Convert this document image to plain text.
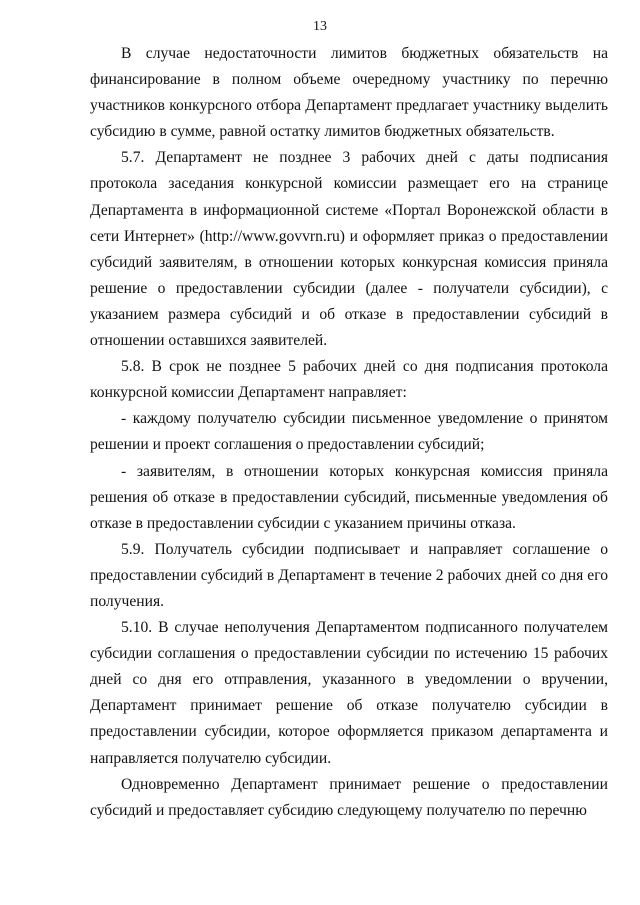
13

В случае недостаточности лимитов бюджетных обязательств на финансирование в полном объеме очередному участнику по перечню участников конкурсного отбора Департамент предлагает участнику выделить субсидию в сумме, равной остатку лимитов бюджетных обязательств.

5.7. Департамент не позднее 3 рабочих дней с даты подписания протокола заседания конкурсной комиссии размещает его на странице Департамента в информационной системе «Портал Воронежской области в сети Интернет» (http://www.govvrn.ru) и оформляет приказ о предоставлении субсидий заявителям, в отношении которых конкурсная комиссия приняла решение о предоставлении субсидии (далее - получатели субсидии), с указанием размера субсидий и об отказе в предоставлении субсидий в отношении оставшихся заявителей.

5.8. В срок не позднее 5 рабочих дней со дня подписания протокола конкурсной комиссии Департамент направляет:

- каждому получателю субсидии письменное уведомление о принятом решении и проект соглашения о предоставлении субсидий;

- заявителям, в отношении которых конкурсная комиссия приняла решения об отказе в предоставлении субсидий, письменные уведомления об отказе в предоставлении субсидии с указанием причины отказа.

5.9. Получатель субсидии подписывает и направляет соглашение о предоставлении субсидий в Департамент в течение 2 рабочих дней со дня его получения.

5.10. В случае неполучения Департаментом подписанного получателем субсидии соглашения о предоставлении субсидии по истечению 15 рабочих дней со дня его отправления, указанного в уведомлении о вручении, Департамент принимает решение об отказе получателю субсидии в предоставлении субсидии, которое оформляется приказом департамента и направляется получателю субсидии.

Одновременно Департамент принимает решение о предоставлении субсидий и предоставляет субсидию следующему получателю по перечню
